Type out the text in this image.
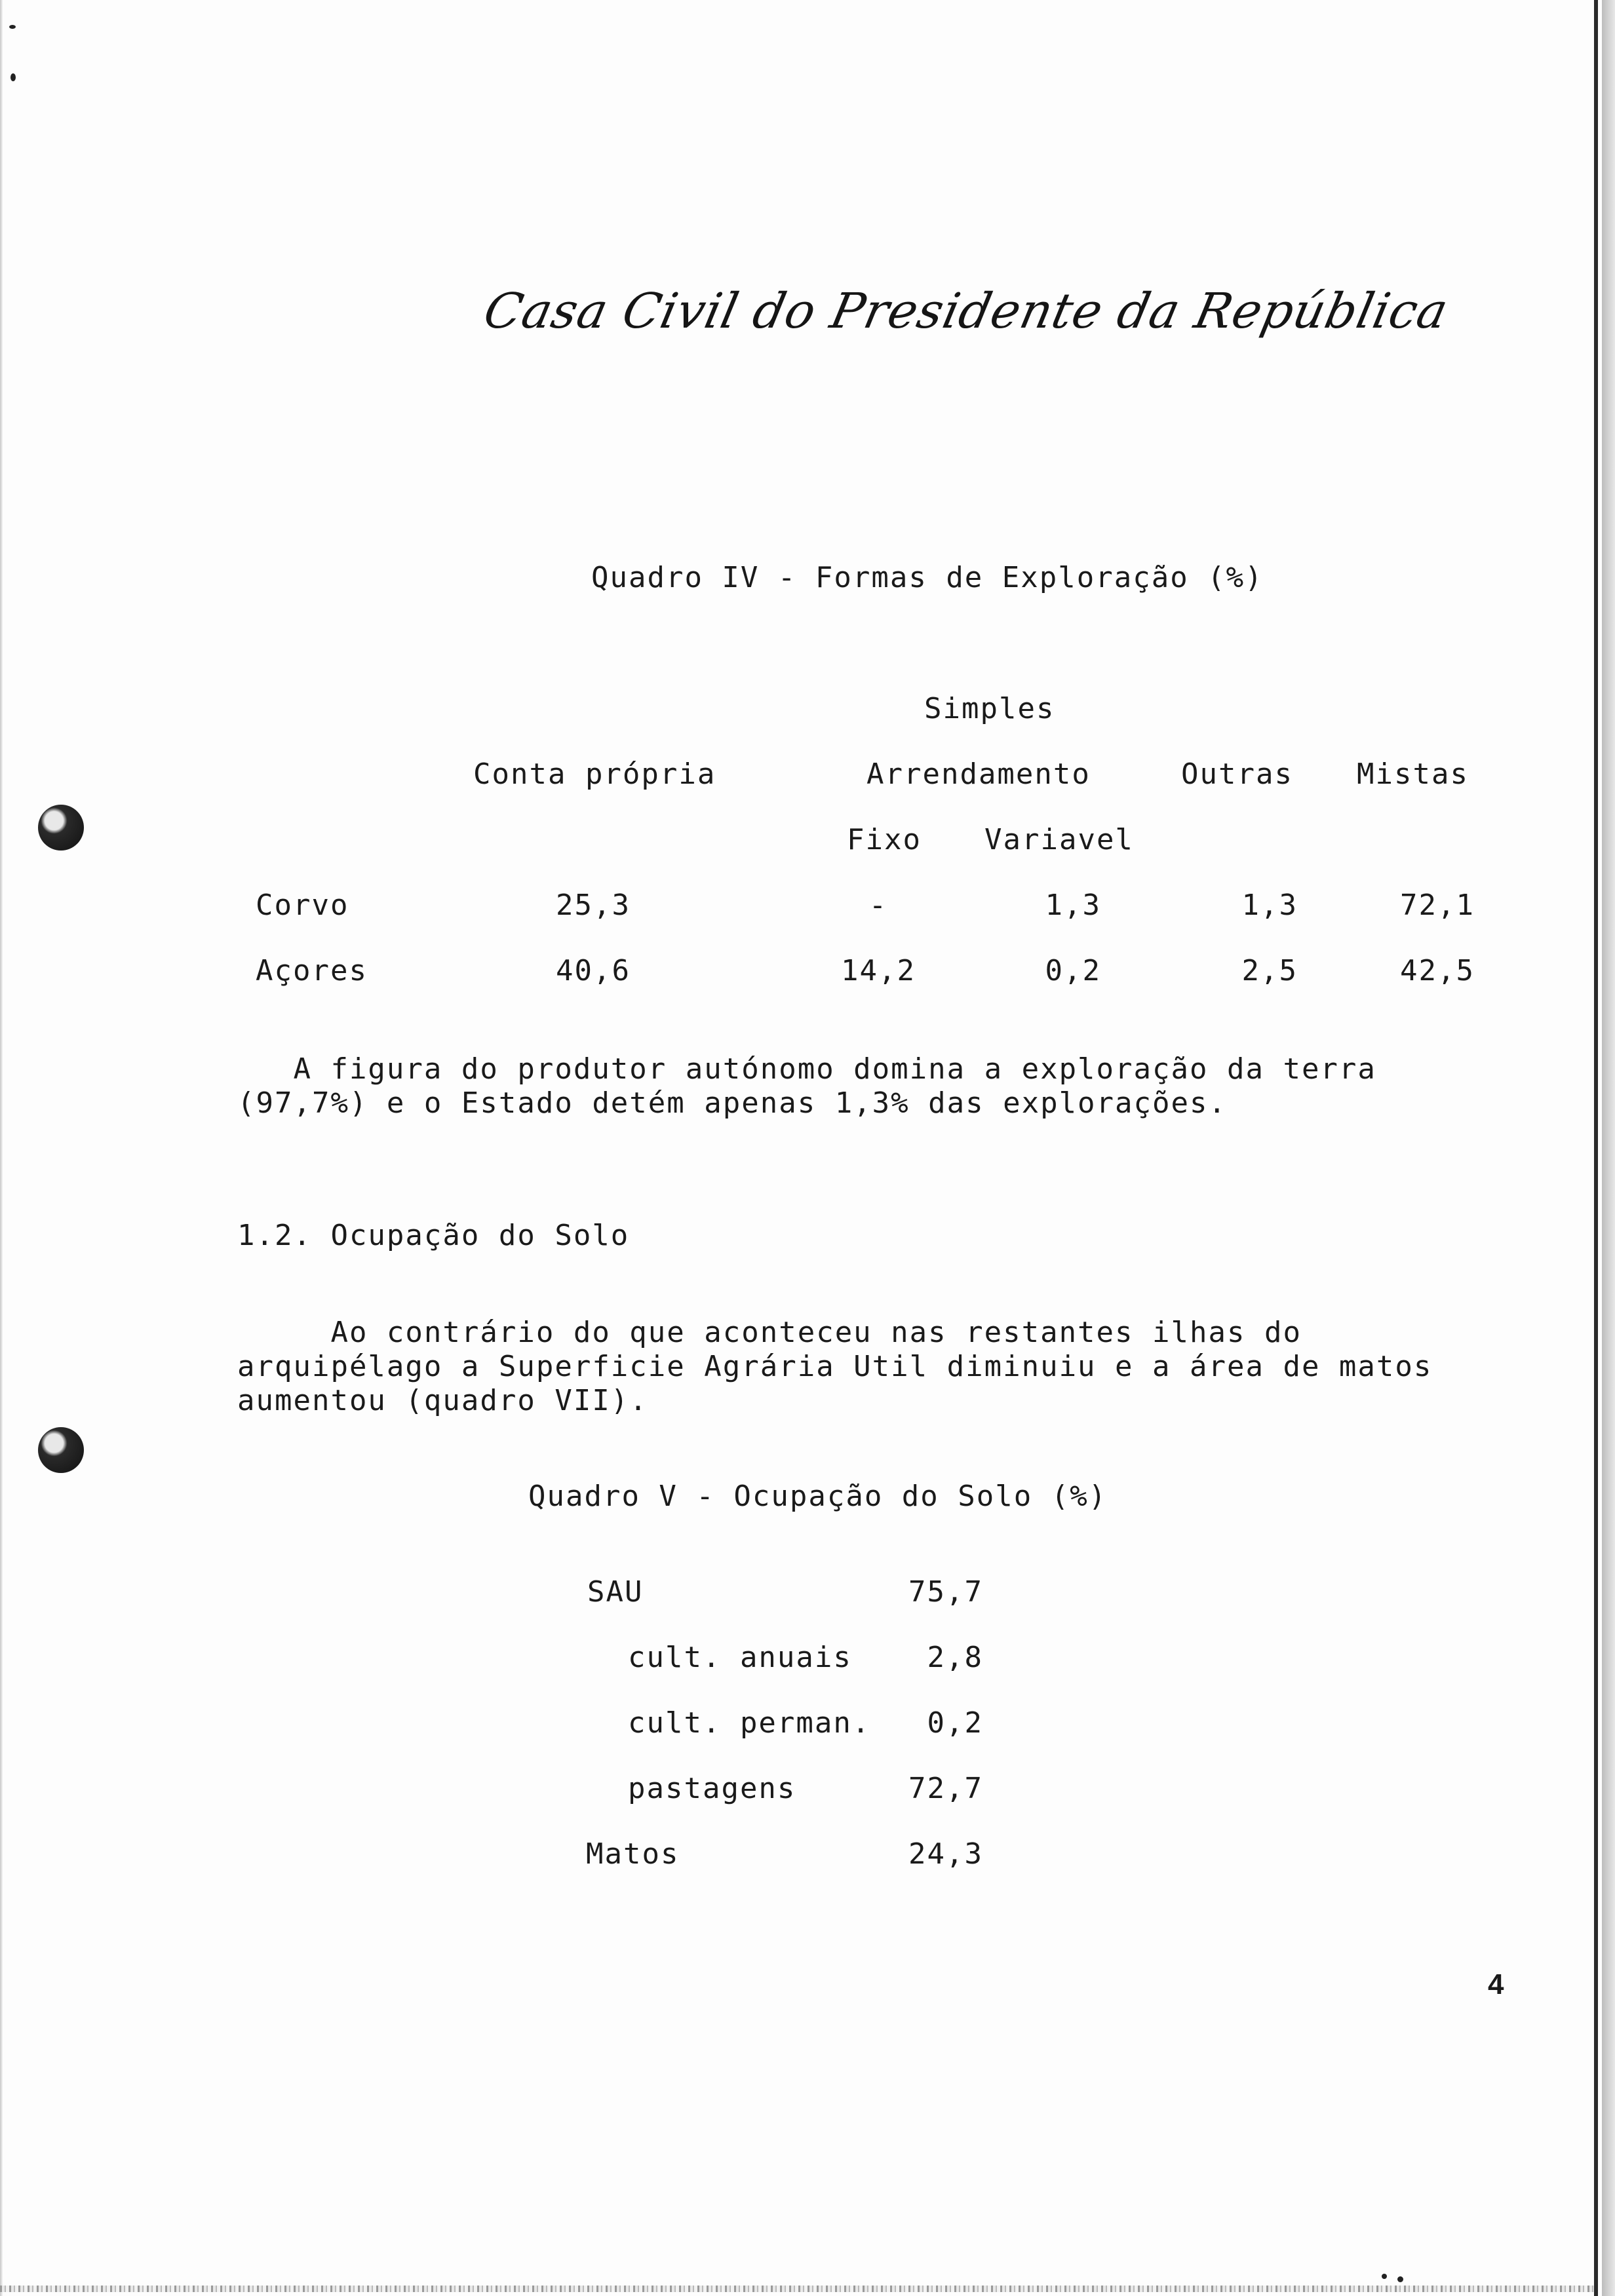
Casa Civil do Presidente da República
Quadro IV - Formas de Exploração (%)
Simples
Conta própria	Arrendamento	Outras Mistas
Fixo Variavel
Corvo	25,3	-	1,3	1,3	72,1
Açores	40,6	14,2	0,2	2,5	42,5
A figura do produtor autónomo domina a exploração da terra
(97,7%) e o Estado detém apenas 1,3% das explorações.
1.2. Ocupação do Solo
Ao contrário do que aconteceu nas restantes ilhas do
arquipélago a Superficie Agrária Util diminuiu e a área de matos
aumentou (quadro VII).
Quadro V - Ocupação do Solo (%)
SAU	75,7
cult. anuais	2,8
cult. perman.	0,2
pastagens	72,7
Matos	24,3
4
